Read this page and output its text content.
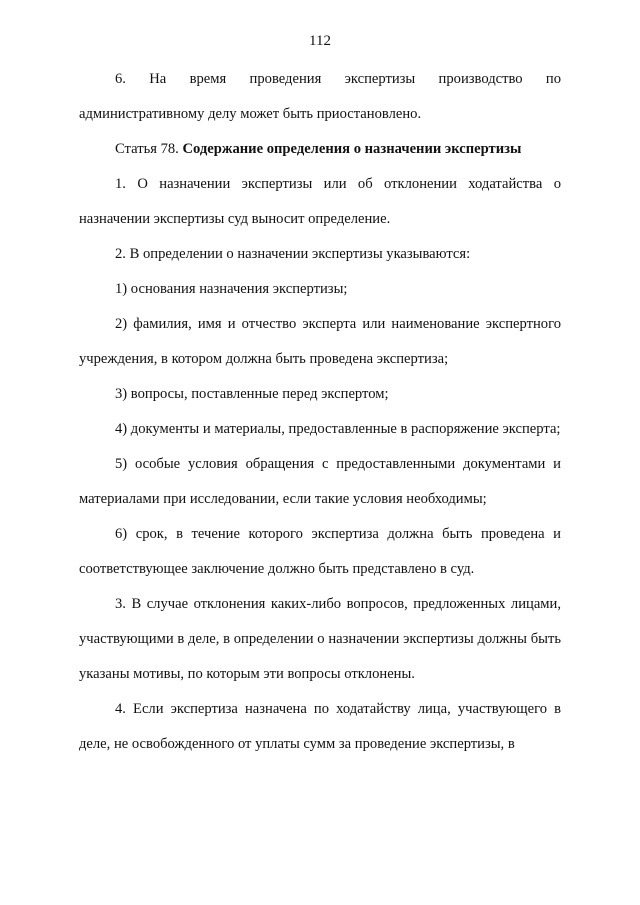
112

6. На время проведения экспертизы производство по административному делу может быть приостановлено.

Статья 78. Содержание определения о назначении экспертизы

1. О назначении экспертизы или об отклонении ходатайства о назначении экспертизы суд выносит определение.

2. В определении о назначении экспертизы указываются:

1) основания назначения экспертизы;

2) фамилия, имя и отчество эксперта или наименование экспертного учреждения, в котором должна быть проведена экспертиза;

3) вопросы, поставленные перед экспертом;

4) документы и материалы, предоставленные в распоряжение эксперта;

5) особые условия обращения с предоставленными документами и материалами при исследовании, если такие условия необходимы;

6) срок, в течение которого экспертиза должна быть проведена и соответствующее заключение должно быть представлено в суд.

3. В случае отклонения каких-либо вопросов, предложенных лицами, участвующими в деле, в определении о назначении экспертизы должны быть указаны мотивы, по которым эти вопросы отклонены.

4. Если экспертиза назначена по ходатайству лица, участвующего в деле, не освобожденного от уплаты сумм за проведение экспертизы, в
